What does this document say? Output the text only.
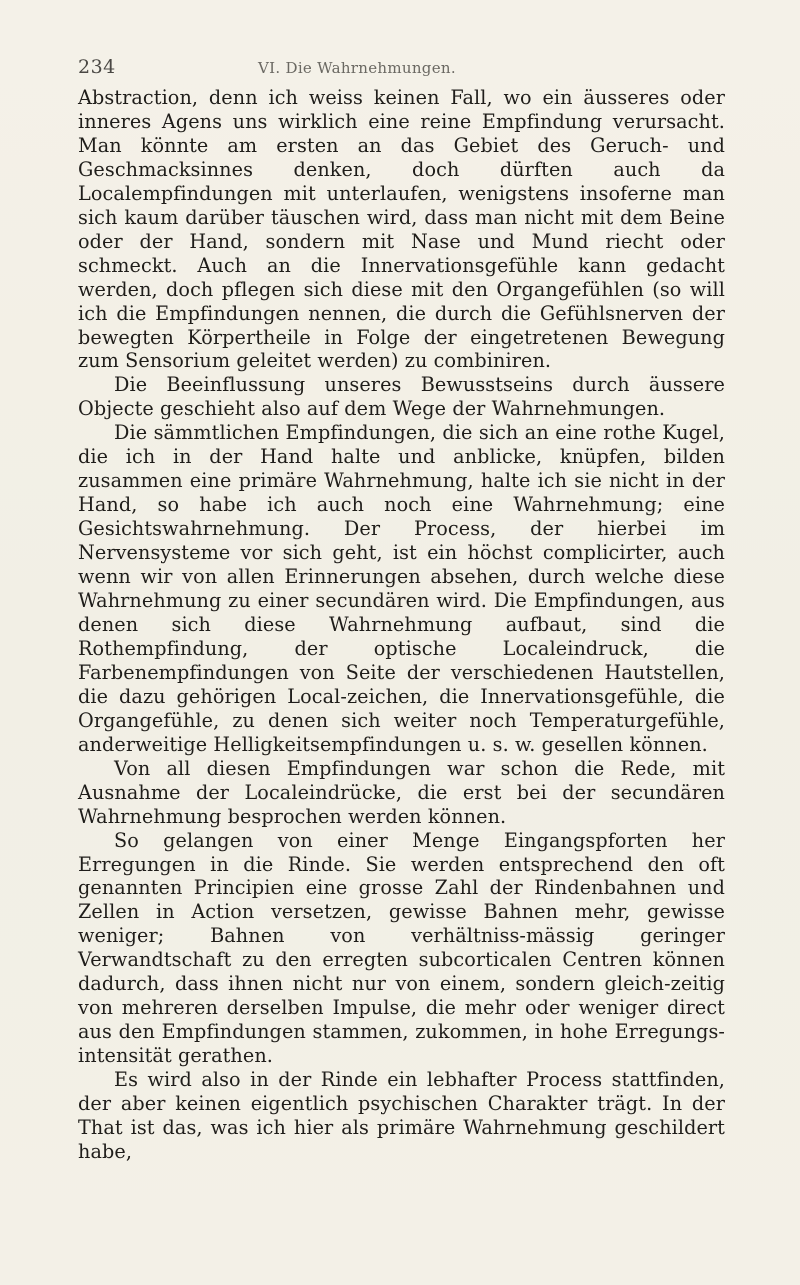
234	VI. Die Wahrnehmungen.

Abstraction, denn ich weiss keinen Fall, wo ein äusseres oder inneres Agens uns wirklich eine reine Empfindung verursacht. Man könnte am ersten an das Gebiet des Geruch- und Geschmacksinnes denken, doch dürften auch da Localempfindungen mit unterlaufen, wenigstens insoferne man sich kaum darüber täuschen wird, dass man nicht mit dem Beine oder der Hand, sondern mit Nase und Mund riecht oder schmeckt. Auch an die Innervationsgefühle kann gedacht werden, doch pflegen sich diese mit den Organgefühlen (so will ich die Empfindungen nennen, die durch die Gefühlsnerven der bewegten Körpertheile in Folge der eingetretenen Bewegung zum Sensorium geleitet werden) zu combiniren.

Die Beeinflussung unseres Bewusstseins durch äussere Objecte geschieht also auf dem Wege der Wahrnehmungen.

Die sämmtlichen Empfindungen, die sich an eine rothe Kugel, die ich in der Hand halte und anblicke, knüpfen, bilden zusammen eine primäre Wahrnehmung, halte ich sie nicht in der Hand, so habe ich auch noch eine Wahrnehmung; eine Gesichtswahrnehmung. Der Process, der hierbei im Nervensysteme vor sich geht, ist ein höchst complicirter, auch wenn wir von allen Erinnerungen absehen, durch welche diese Wahrnehmung zu einer secundären wird. Die Empfindungen, aus denen sich diese Wahrnehmung aufbaut, sind die Rothempfindung, der optische Localeindruck, die Farbenempfindungen von Seite der verschiedenen Hautstellen, die dazu gehörigen Local-zeichen, die Innervationsgefühle, die Organgefühle, zu denen sich weiter noch Temperaturgefühle, anderweitige Helligkeitsempfindungen u. s. w. gesellen können.

Von all diesen Empfindungen war schon die Rede, mit Ausnahme der Localeindrücke, die erst bei der secundären Wahrnehmung besprochen werden können.

So gelangen von einer Menge Eingangspforten her Erregungen in die Rinde. Sie werden entsprechend den oft genannten Principien eine grosse Zahl der Rindenbahnen und Zellen in Action versetzen, gewisse Bahnen mehr, gewisse weniger; Bahnen von verhältniss-mässig geringer Verwandtschaft zu den erregten subcorticalen Centren können dadurch, dass ihnen nicht nur von einem, sondern gleich-zeitig von mehreren derselben Impulse, die mehr oder weniger direct aus den Empfindungen stammen, zukommen, in hohe Erregungs-intensität gerathen.

Es wird also in der Rinde ein lebhafter Process stattfinden, der aber keinen eigentlich psychischen Charakter trägt. In der That ist das, was ich hier als primäre Wahrnehmung geschildert habe,
